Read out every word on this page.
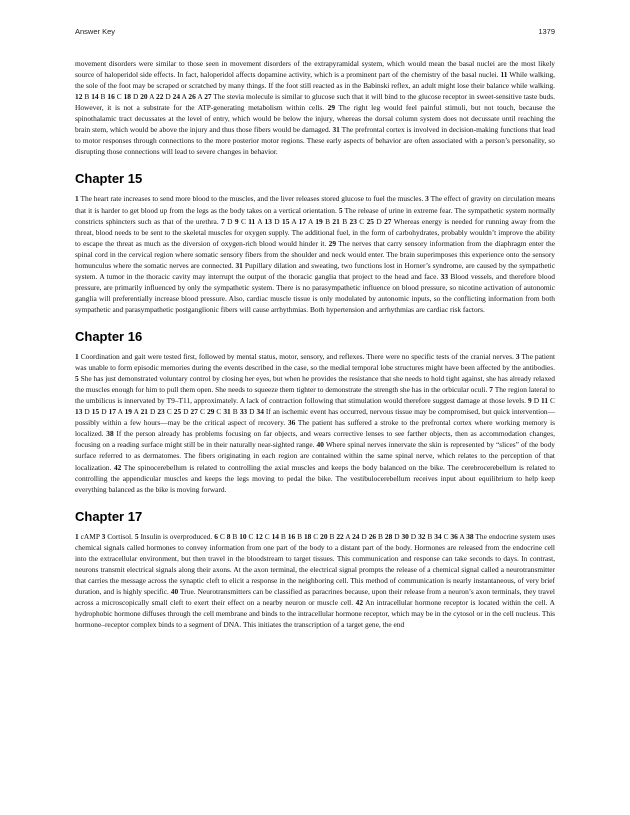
Answer Key	1379

movement disorders were similar to those seen in movement disorders of the extrapyramidal system, which would mean the basal nuclei are the most likely source of haloperidol side effects. In fact, haloperidol affects dopamine activity, which is a prominent part of the chemistry of the basal nuclei. 11 While walking, the sole of the foot may be scraped or scratched by many things. If the foot still reacted as in the Babinski reflex, an adult might lose their balance while walking. 12 B 14 B 16 C 18 D 20 A 22 D 24 A 26 A 27 The stevia molecule is similar to glucose such that it will bind to the glucose receptor in sweet-sensitive taste buds. However, it is not a substrate for the ATP-generating metabolism within cells. 29 The right leg would feel painful stimuli, but not touch, because the spinothalamic tract decussates at the level of entry, which would be below the injury, whereas the dorsal column system does not decussate until reaching the brain stem, which would be above the injury and thus those fibers would be damaged. 31 The prefrontal cortex is involved in decision-making functions that lead to motor responses through connections to the more posterior motor regions. These early aspects of behavior are often associated with a person’s personality, so disrupting those connections will lead to severe changes in behavior.

Chapter 15

1 The heart rate increases to send more blood to the muscles, and the liver releases stored glucose to fuel the muscles. 3 The effect of gravity on circulation means that it is harder to get blood up from the legs as the body takes on a vertical orientation. 5 The release of urine in extreme fear. The sympathetic system normally constricts sphincters such as that of the urethra. 7 D 9 C 11 A 13 D 15 A 17 A 19 B 21 B 23 C 25 D 27 Whereas energy is needed for running away from the threat, blood needs to be sent to the skeletal muscles for oxygen supply. The additional fuel, in the form of carbohydrates, probably wouldn’t improve the ability to escape the threat as much as the diversion of oxygen-rich blood would hinder it. 29 The nerves that carry sensory information from the diaphragm enter the spinal cord in the cervical region where somatic sensory fibers from the shoulder and neck would enter. The brain superimposes this experience onto the sensory homunculus where the somatic nerves are connected. 31 Pupillary dilation and sweating, two functions lost in Horner’s syndrome, are caused by the sympathetic system. A tumor in the thoracic cavity may interrupt the output of the thoracic ganglia that project to the head and face. 33 Blood vessels, and therefore blood pressure, are primarily influenced by only the sympathetic system. There is no parasympathetic influence on blood pressure, so nicotine activation of autonomic ganglia will preferentially increase blood pressure. Also, cardiac muscle tissue is only modulated by autonomic inputs, so the conflicting information from both sympathetic and parasympathetic postganglionic fibers will cause arrhythmias. Both hypertension and arrhythmias are cardiac risk factors.

Chapter 16

1 Coordination and gait were tested first, followed by mental status, motor, sensory, and reflexes. There were no specific tests of the cranial nerves. 3 The patient was unable to form episodic memories during the events described in the case, so the medial temporal lobe structures might have been affected by the antibodies. 5 She has just demonstrated voluntary control by closing her eyes, but when he provides the resistance that she needs to hold tight against, she has already relaxed the muscles enough for him to pull them open. She needs to squeeze them tighter to demonstrate the strength she has in the orbicular oculi. 7 The region lateral to the umbilicus is innervated by T9–T11, approximately. A lack of contraction following that stimulation would therefore suggest damage at those levels. 9 D 11 C 13 D 15 D 17 A 19 A 21 D 23 C 25 D 27 C 29 C 31 B 33 D 34 If an ischemic event has occurred, nervous tissue may be compromised, but quick intervention—possibly within a few hours—may be the critical aspect of recovery. 36 The patient has suffered a stroke to the prefrontal cortex where working memory is localized. 38 If the person already has problems focusing on far objects, and wears corrective lenses to see farther objects, then as accommodation changes, focusing on a reading surface might still be in their naturally near-sighted range. 40 Where spinal nerves innervate the skin is represented by “slices” of the body surface referred to as dermatomes. The fibers originating in each region are contained within the same spinal nerve, which relates to the perception of that localization. 42 The spinocerebellum is related to controlling the axial muscles and keeps the body balanced on the bike. The cerebrocerebellum is related to controlling the appendicular muscles and keeps the legs moving to pedal the bike. The vestibulocerebellum receives input about equilibrium to help keep everything balanced as the bike is moving forward.

Chapter 17

1 cAMP 3 Cortisol. 5 Insulin is overproduced. 6 C 8 B 10 C 12 C 14 B 16 B 18 C 20 B 22 A 24 D 26 B 28 D 30 D 32 B 34 C 36 A 38 The endocrine system uses chemical signals called hormones to convey information from one part of the body to a distant part of the body. Hormones are released from the endocrine cell into the extracellular environment, but then travel in the bloodstream to target tissues. This communication and response can take seconds to days. In contrast, neurons transmit electrical signals along their axons. At the axon terminal, the electrical signal prompts the release of a chemical signal called a neurotransmitter that carries the message across the synaptic cleft to elicit a response in the neighboring cell. This method of communication is nearly instantaneous, of very brief duration, and is highly specific. 40 True. Neurotransmitters can be classified as paracrines because, upon their release from a neuron’s axon terminals, they travel across a microscopically small cleft to exert their effect on a nearby neuron or muscle cell. 42 An intracellular hormone receptor is located within the cell. A hydrophobic hormone diffuses through the cell membrane and binds to the intracellular hormone receptor, which may be in the cytosol or in the cell nucleus. This hormone–receptor complex binds to a segment of DNA. This initiates the transcription of a target gene, the end
